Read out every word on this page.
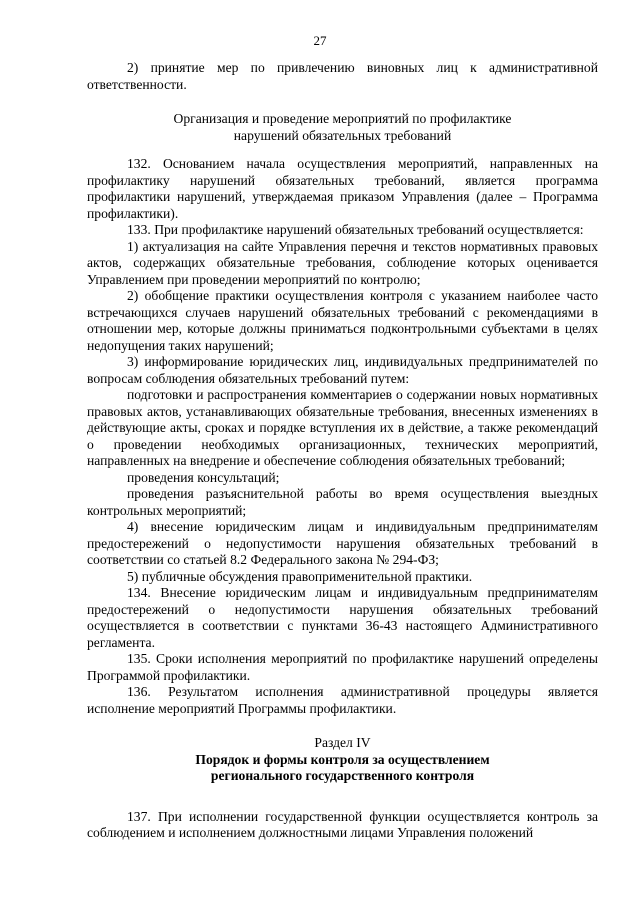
27

2) принятие мер по привлечению виновных лиц к административной ответственности.

Организация и проведение мероприятий по профилактике

нарушений обязательных требований

132. Основанием начала осуществления мероприятий, направленных на профилактику нарушений обязательных требований, является программа профилактики нарушений, утверждаемая приказом Управления (далее – Программа профилактики).

133. При профилактике нарушений обязательных требований осуществляется:

1) актуализация на сайте Управления перечня и текстов нормативных правовых актов, содержащих обязательные требования, соблюдение которых оценивается Управлением при проведении мероприятий по контролю;

2) обобщение практики осуществления контроля с указанием наиболее часто встречающихся случаев нарушений обязательных требований с рекомендациями в отношении мер, которые должны приниматься подконтрольными субъектами в целях недопущения таких нарушений;

3) информирование юридических лиц, индивидуальных предпринимателей по вопросам соблюдения обязательных требований путем:

подготовки и распространения комментариев о содержании новых нормативных правовых актов, устанавливающих обязательные требования, внесенных изменениях в действующие акты, сроках и порядке вступления их в действие, а также рекомендаций о проведении необходимых организационных, технических мероприятий, направленных на внедрение и обеспечение соблюдения обязательных требований;

проведения консультаций;

проведения разъяснительной работы во время осуществления выездных контрольных мероприятий;

4) внесение юридическим лицам и индивидуальным предпринимателям предостережений о недопустимости нарушения обязательных требований в соответствии со статьей 8.2 Федерального закона № 294-ФЗ;

5) публичные обсуждения правоприменительной практики.

134. Внесение юридическим лицам и индивидуальным предпринимателям предостережений о недопустимости нарушения обязательных требований осуществляется в соответствии с пунктами 36-43 настоящего Административного регламента.

135. Сроки исполнения мероприятий по профилактике нарушений определены Программой профилактики.

136. Результатом исполнения административной процедуры является исполнение мероприятий Программы профилактики.

Раздел IV

Порядок и формы контроля за осуществлением

регионального государственного контроля

137. При исполнении государственной функции осуществляется контроль за соблюдением и исполнением должностными лицами Управления положений
